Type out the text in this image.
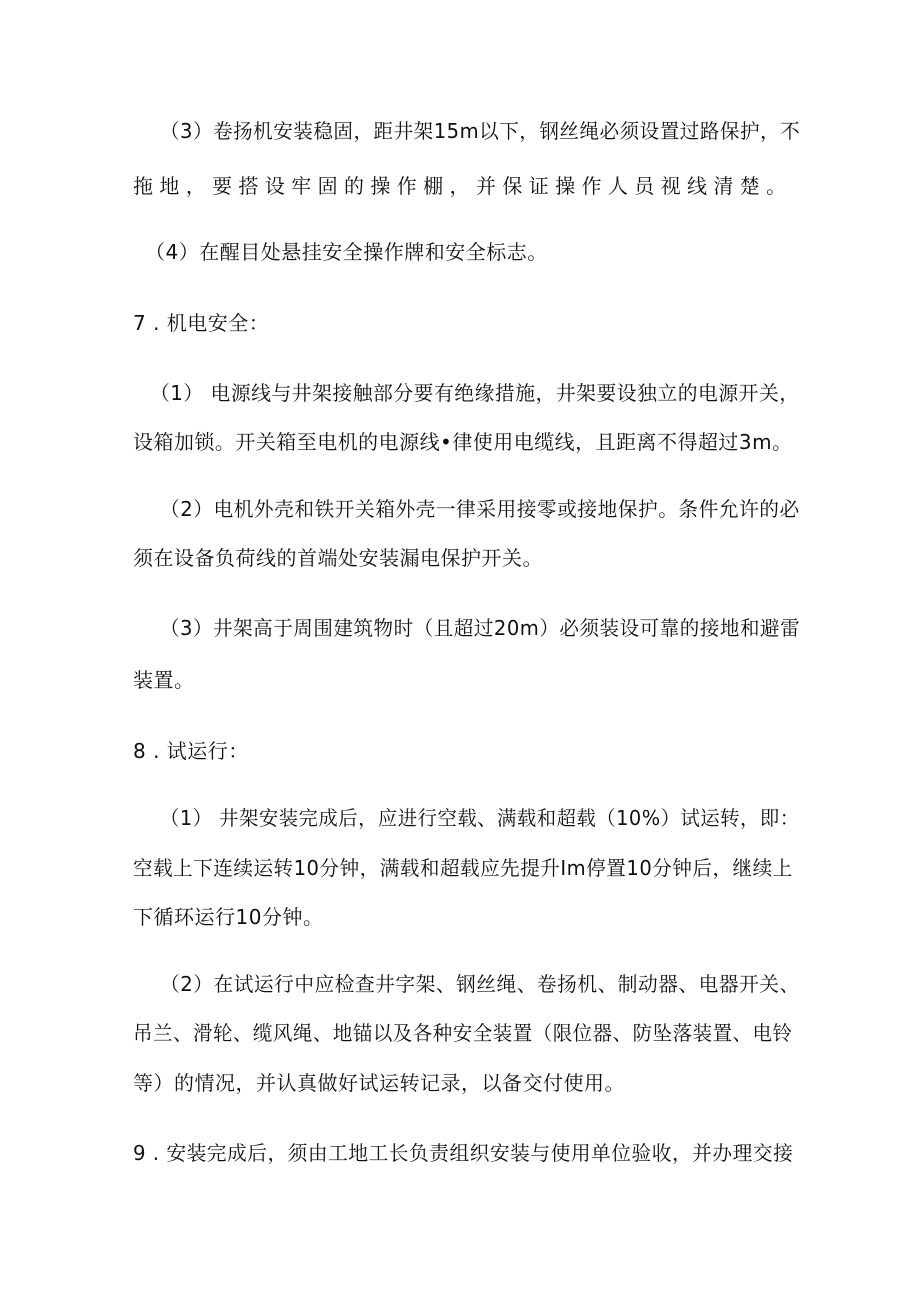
（3）卷扬机安装稳固，距井架15m以下，钢丝绳必须设置过路保护，不

拖地，要搭设牢固的操作棚，并保证操作人员视线清楚。

（4）在醒目处悬挂安全操作牌和安全标志。

7 . 机电安全：

（1） 电源线与井架接触部分要有绝缘措施，井架要设独立的电源开关，

设箱加锁。开关箱至电机的电源线•律使用电缆线，且距离不得超过3m。

（2）电机外壳和铁开关箱外壳一律采用接零或接地保护。条件允许的必

须在设备负荷线的首端处安装漏电保护开关。

（3）井架高于周围建筑物时（且超过20m）必须装设可靠的接地和避雷

装置。

8 . 试运行：

（1） 井架安装完成后，应进行空载、满载和超载（10%）试运转，即：

空载上下连续运转10分钟，满载和超载应先提升Im停置10分钟后，继续上

下循环运行10分钟。

（2）在试运行中应检查井字架、钢丝绳、卷扬机、制动器、电器开关、

吊兰、滑轮、缆风绳、地锚以及各种安全装置（限位器、防坠落装置、电铃

等）的情况，并认真做好试运转记录，以备交付使用。

9 . 安装完成后，须由工地工长负责组织安装与使用单位验收，并办理交接
